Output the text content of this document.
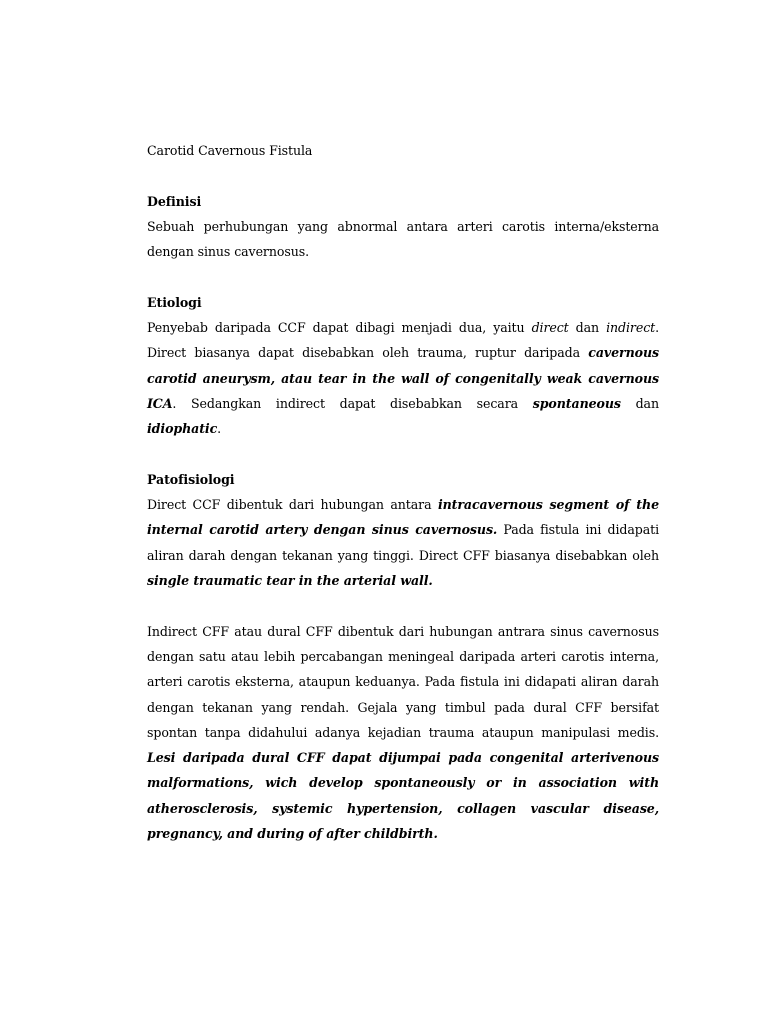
Carotid Cavernous Fistula

Definisi

Sebuah perhubungan yang abnormal antara arteri carotis interna/eksterna dengan sinus cavernosus.

Etiologi

Penyebab daripada CCF dapat dibagi menjadi dua, yaitu direct dan indirect. Direct biasanya dapat disebabkan oleh trauma, ruptur daripada cavernous carotid aneurysm, atau tear in the wall of congenitally weak cavernous ICA. Sedangkan indirect dapat disebabkan secara spontaneous dan idiophatic.

Patofisiologi

Direct CCF dibentuk dari hubungan antara intracavernous segment of the internal carotid artery dengan sinus cavernosus. Pada fistula ini didapati aliran darah dengan tekanan yang tinggi. Direct CFF biasanya disebabkan oleh single traumatic tear in the arterial wall.

Indirect CFF atau dural CFF dibentuk dari hubungan antrara sinus cavernosus dengan satu atau lebih percabangan meningeal daripada arteri carotis interna, arteri carotis eksterna, ataupun keduanya. Pada fistula ini didapati aliran darah dengan tekanan yang rendah. Gejala yang timbul pada dural CFF bersifat spontan tanpa didahului adanya kejadian trauma ataupun manipulasi medis. Lesi daripada dural CFF dapat dijumpai pada congenital arterivenous malformations, wich develop spontaneously or in association with atherosclerosis, systemic hypertension, collagen vascular disease, pregnancy, and during of after childbirth.
